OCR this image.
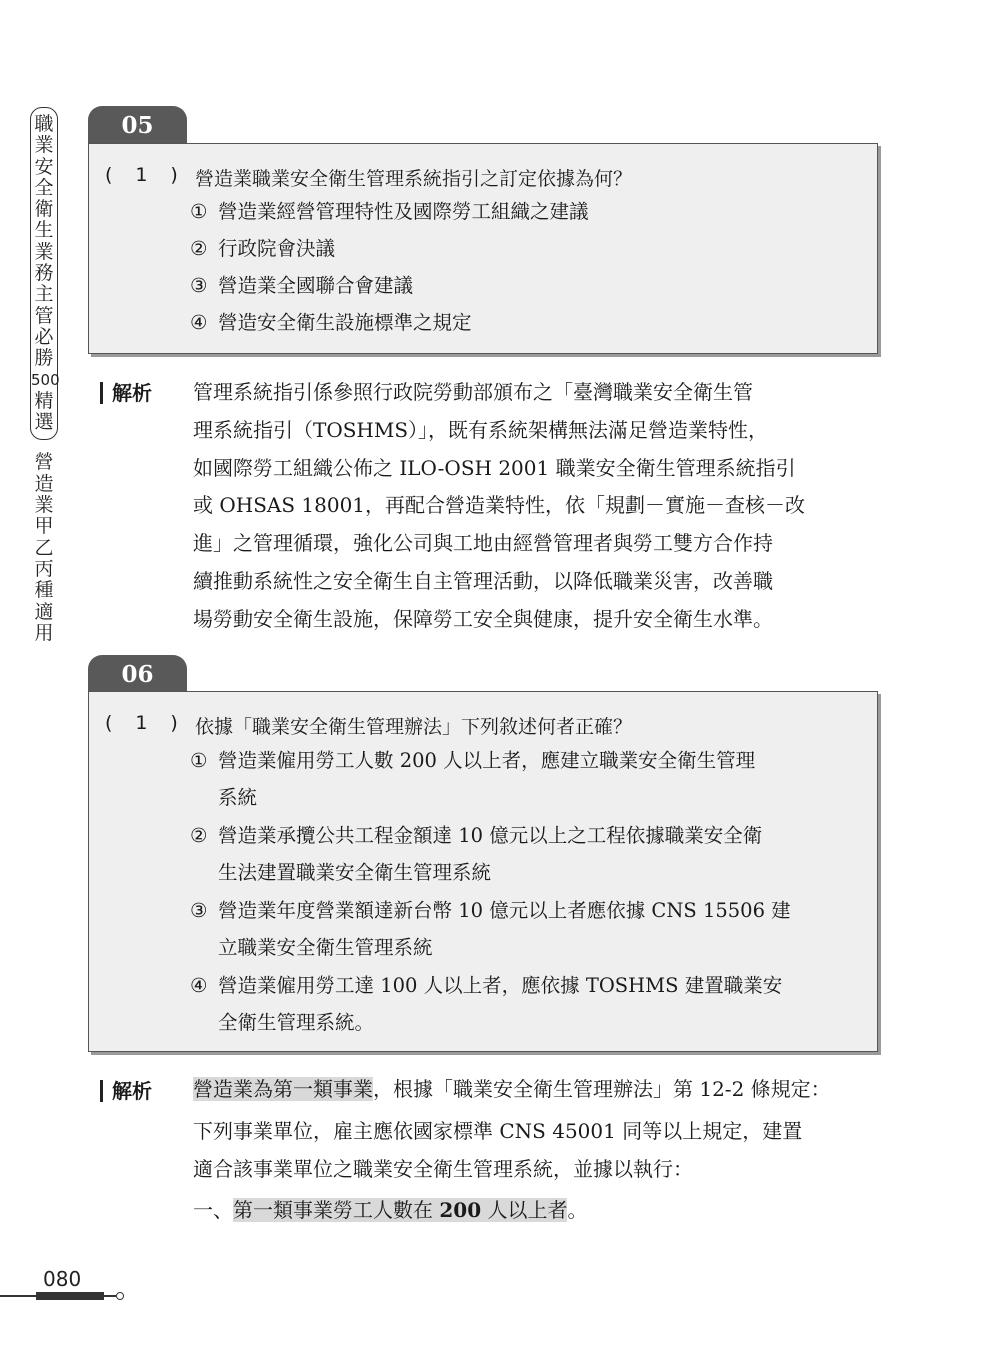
職
業
安
全
衛
生
業
務
主
管
必
勝
500
精
選
營
造
業
甲
乙
丙
種
適
用
05
( 1 ) 營造業職業安全衛生管理系統指引之訂定依據為何？
① 營造業經營管理特性及國際勞工組織之建議
② 行政院會決議
③ 營造業全國聯合會建議
④ 營造安全衛生設施標準之規定
解析 管理系統指引係參照行政院勞動部頒布之「臺灣職業安全衛生管

理系統指引（TOSHMS）」，既有系統架構無法滿足營造業特性，

如國際勞工組織公佈之 ILO-OSH 2001 職業安全衛生管理系統指引

或 OHSAS 18001，再配合營造業特性，依「規劃－實施－查核－改

進」之管理循環，強化公司與工地由經營管理者與勞工雙方合作持

續推動系統性之安全衛生自主管理活動，以降低職業災害，改善職

場勞動安全衛生設施，保障勞工安全與健康，提升安全衛生水準。

06
( 1 ) 依據「職業安全衛生管理辦法」下列敘述何者正確？
① 營造業僱用勞工人數 200 人以上者，應建立職業安全衛生管理
系統
② 營造業承攬公共工程金額達 10 億元以上之工程依據職業安全衛
生法建置職業安全衛生管理系統
③ 營造業年度營業額達新台幣 10 億元以上者應依據 CNS 15506 建
立職業安全衛生管理系統
④ 營造業僱用勞工達 100 人以上者，應依據 TOSHMS 建置職業安
全衛生管理系統。
解析 營造業為第一類事業，根據「職業安全衛生管理辦法」第 12-2 條規定：

下列事業單位，雇主應依國家標準 CNS 45001 同等以上規定，建置

適合該事業單位之職業安全衛生管理系統，並據以執行：

一、第一類事業勞工人數在 200 人以上者。

080
